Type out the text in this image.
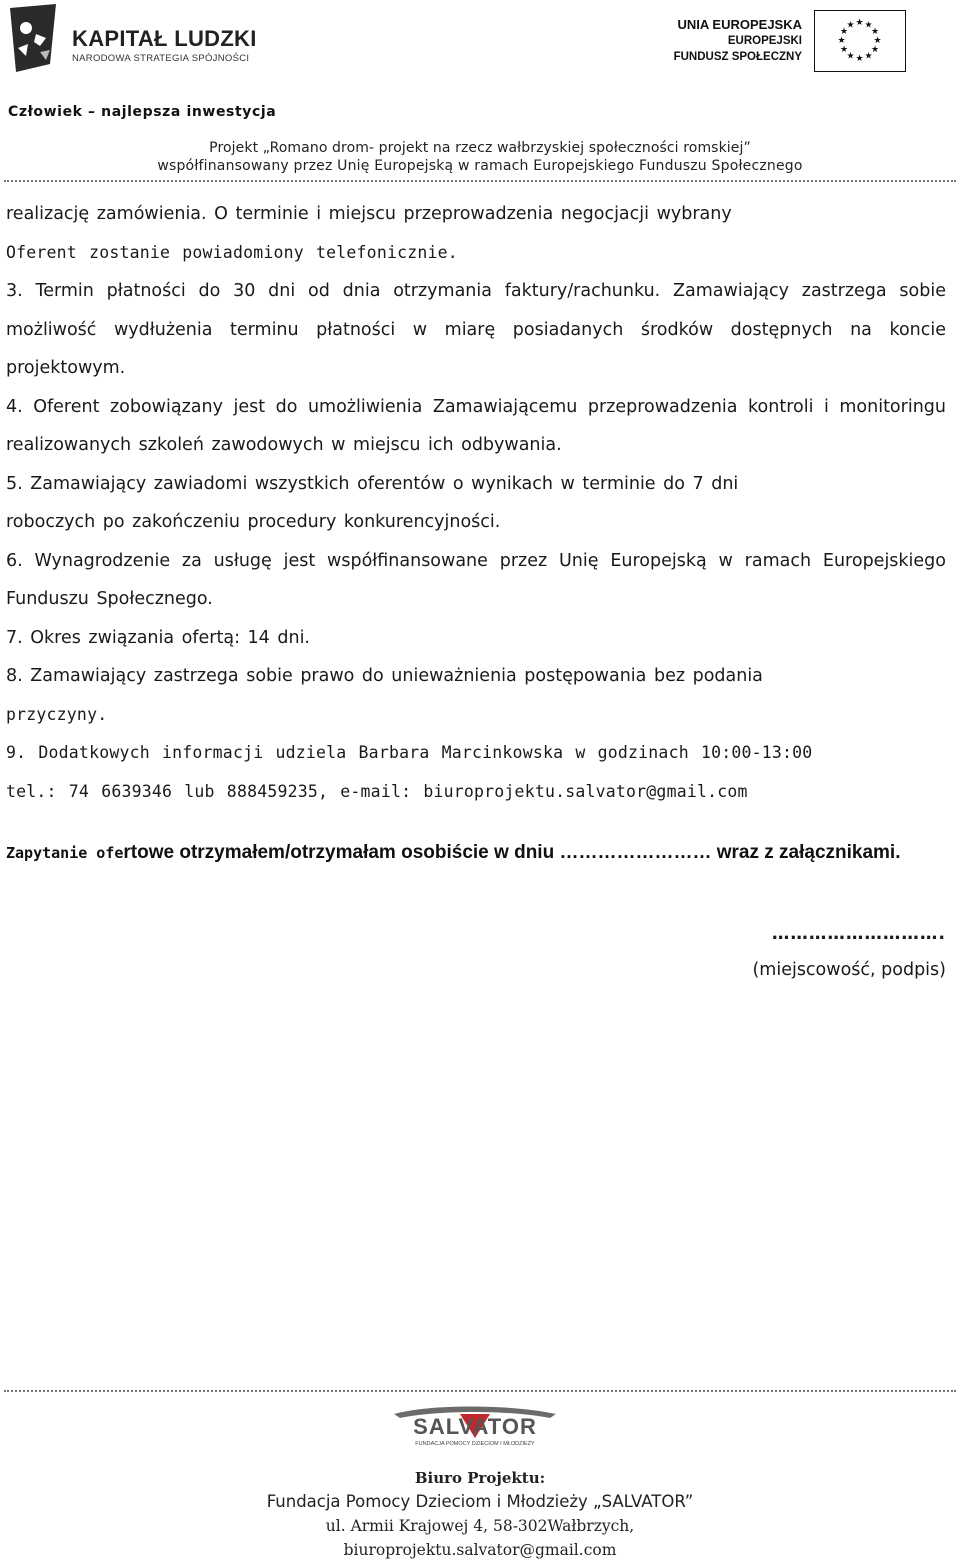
KAPITAŁ LUDZKI
NARODOWA STRATEGIA SPÓJNOŚCI
UNIA EUROPEJSKA
EUROPEJSKI
FUNDUSZ SPOŁECZNY
★ ★
★
★
★
★
★
★
★
★
★
★
Człowiek – najlepsza inwestycja
Projekt „Romano drom- projekt na rzecz wałbrzyskiej społeczności romskiej”
współfinansowany przez Unię Europejską w ramach Europejskiego Funduszu Społecznego

realizację zamówienia. O terminie i miejscu przeprowadzenia negocjacji wybrany

Oferent zostanie powiadomiony telefonicznie.

3. Termin płatności do 30 dni od dnia otrzymania faktury/rachunku. Zamawiający zastrzega sobie możliwość wydłużenia terminu płatności w miarę posiadanych środków dostępnych na koncie projektowym.

4. Oferent zobowiązany jest do umożliwienia Zamawiającemu przeprowadzenia kontroli i monitoringu realizowanych szkoleń zawodowych w miejscu ich odbywania.

5. Zamawiający zawiadomi wszystkich oferentów o wynikach w terminie do 7 dni

roboczych po zakończeniu procedury konkurencyjności.

6. Wynagrodzenie za usługę jest współfinansowane przez Unię Europejską w ramach Europejskiego Funduszu Społecznego.

7. Okres związania ofertą: 14 dni.

8. Zamawiający zastrzega sobie prawo do unieważnienia postępowania bez podania

przyczyny.

9. Dodatkowych informacji udziela Barbara Marcinkowska w godzinach 10:00-13:00

tel.: 74 6639346 lub 888459235, e-mail: biuroprojektu.salvator@gmail.com

Zapytanie ofertowe otrzymałem/otrzymałam osobiście w dniu …………………… wraz z załącznikami.
……………………….
(miejscowość, podpis)
SALVATOR
FUNDACJA POMOCY DZIECIOM I MŁODZIEŻY
Biuro Projektu:
Fundacja Pomocy Dzieciom i Młodzieży „SALVATOR”
ul. Armii Krajowej 4, 58-302Wałbrzych,
biuroprojektu.salvator@gmail.com
